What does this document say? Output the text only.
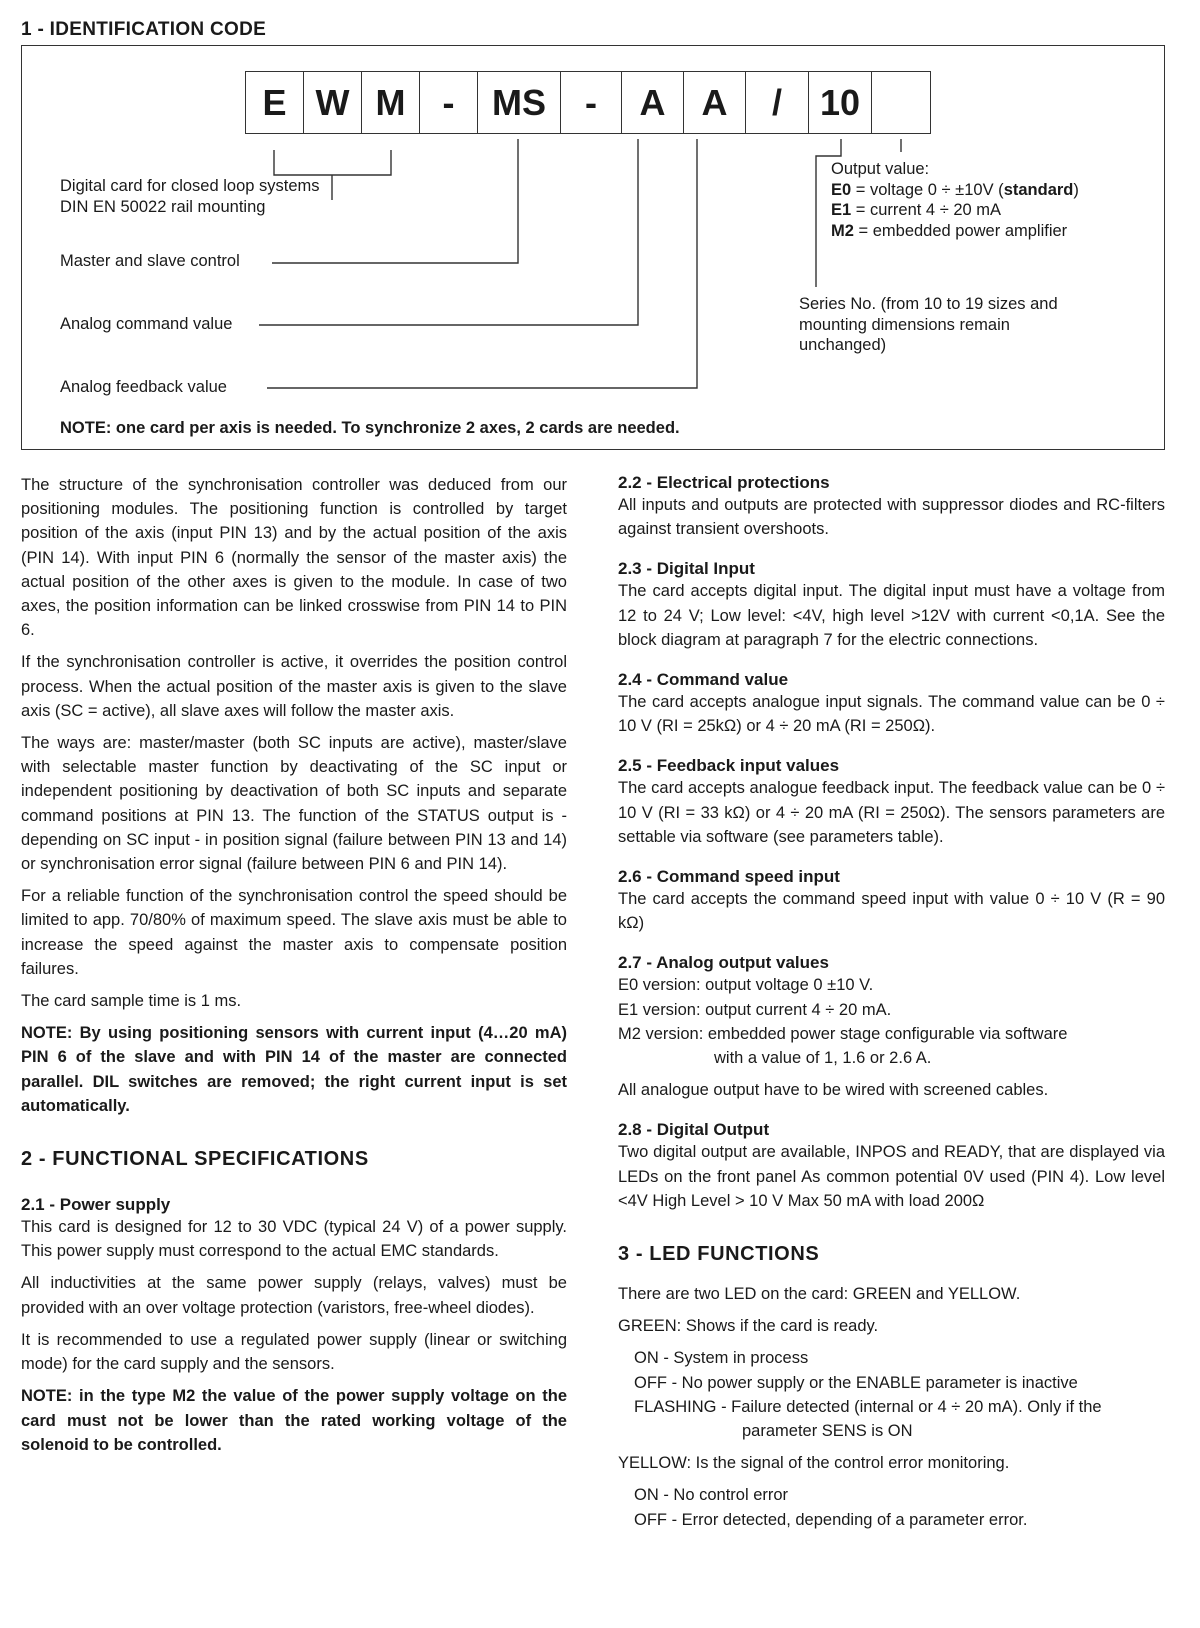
1 - IDENTIFICATION CODE
E W M	-	MS	-	A	A	/	10
Digital card for closed loop systems
DIN EN 50022 rail mounting
Master and slave control
Analog command value
Analog feedback value
Output value:
E0 = voltage 0 ÷ ±10V (standard)
E1 = current 4 ÷ 20 mA
M2 = embedded power amplifier
Series No. (from 10 to 19 sizes and
mounting dimensions remain
unchanged)
NOTE: one card per axis is needed. To synchronize 2 axes, 2 cards are needed.

The structure of the synchronisation controller was deduced from our positioning modules. The positioning function is controlled by target position of the axis (input PIN 13) and by the actual position of the axis (PIN 14). With input PIN 6 (normally the sensor of the master axis) the actual position of the other axes is given to the module. In case of two axes, the position information can be linked crosswise from PIN 14 to PIN 6.

If the synchronisation controller is active, it overrides the position control process. When the actual position of the master axis is given to the slave axis (SC = active), all slave axes will follow the master axis.

The ways are: master/master (both SC inputs are active), master/slave with selectable master function by deactivating of the SC input or independent positioning by deactivation of both SC inputs and separate command positions at PIN 13. The function of the STATUS output is - depending on SC input - in position signal (failure between PIN 13 and 14) or synchronisation error signal (failure between PIN 6 and PIN 14).

For a reliable function of the synchronisation control the speed should be limited to app. 70/80% of maximum speed. The slave axis must be able to increase the speed against the master axis to compensate position failures.

The card sample time is 1 ms.

NOTE: By using positioning sensors with current input (4…20 mA) PIN 6 of the slave and with PIN 14 of the master are connected parallel. DIL switches are removed; the right current input is set automatically.

2 - FUNCTIONAL SPECIFICATIONS

2.1 - Power supply

This card is designed for 12 to 30 VDC (typical 24 V) of a power supply. This power supply must correspond to the actual EMC standards.

All inductivities at the same power supply (relays, valves) must be provided with an over voltage protection (varistors, free-wheel diodes).

It is recommended to use a regulated power supply (linear or switching mode) for the card supply and the sensors.

NOTE: in the type M2 the value of the power supply voltage on the card must not be lower than the rated working voltage of the solenoid to be controlled.

2.2 - Electrical protections

All inputs and outputs are protected with suppressor diodes and RC-filters against transient overshoots.

2.3 - Digital Input

The card accepts digital input. The digital input must have a voltage from 12 to 24 V; Low level: <4V, high level >12V with current <0,1A. See the block diagram at paragraph 7 for the electric connections.

2.4 - Command value

The card accepts analogue input signals. The command value can be 0 ÷ 10 V (RI = 25kΩ) or 4 ÷ 20 mA (RI = 250Ω).

2.5 - Feedback input values

The card accepts analogue feedback input. The feedback value can be 0 ÷ 10 V (RI = 33 kΩ) or 4 ÷ 20 mA (RI = 250Ω). The sensors parameters are settable via software (see parameters table).

2.6 - Command speed input

The card accepts the command speed input with value 0 ÷ 10 V (R = 90 kΩ)

2.7 - Analog output values

E0 version: output voltage 0 ±10 V.

E1 version: output current 4 ÷ 20 mA.

M2 version: embedded power stage configurable via software

with a value of 1, 1.6 or 2.6 A.

All analogue output have to be wired with screened cables.

2.8 - Digital Output

Two digital output are available, INPOS and READY, that are displayed via LEDs on the front panel As common potential 0V used (PIN 4). Low level <4V High Level > 10 V Max 50 mA with load 200Ω

3 - LED FUNCTIONS

There are two LED on the card: GREEN and YELLOW.

GREEN: Shows if the card is ready.

ON - System in process

OFF - No power supply or the ENABLE parameter is inactive

FLASHING - Failure detected (internal or 4 ÷ 20 mA). Only if the

parameter SENS is ON

YELLOW: Is the signal of the control error monitoring.

ON - No control error

OFF - Error detected, depending of a parameter error.
